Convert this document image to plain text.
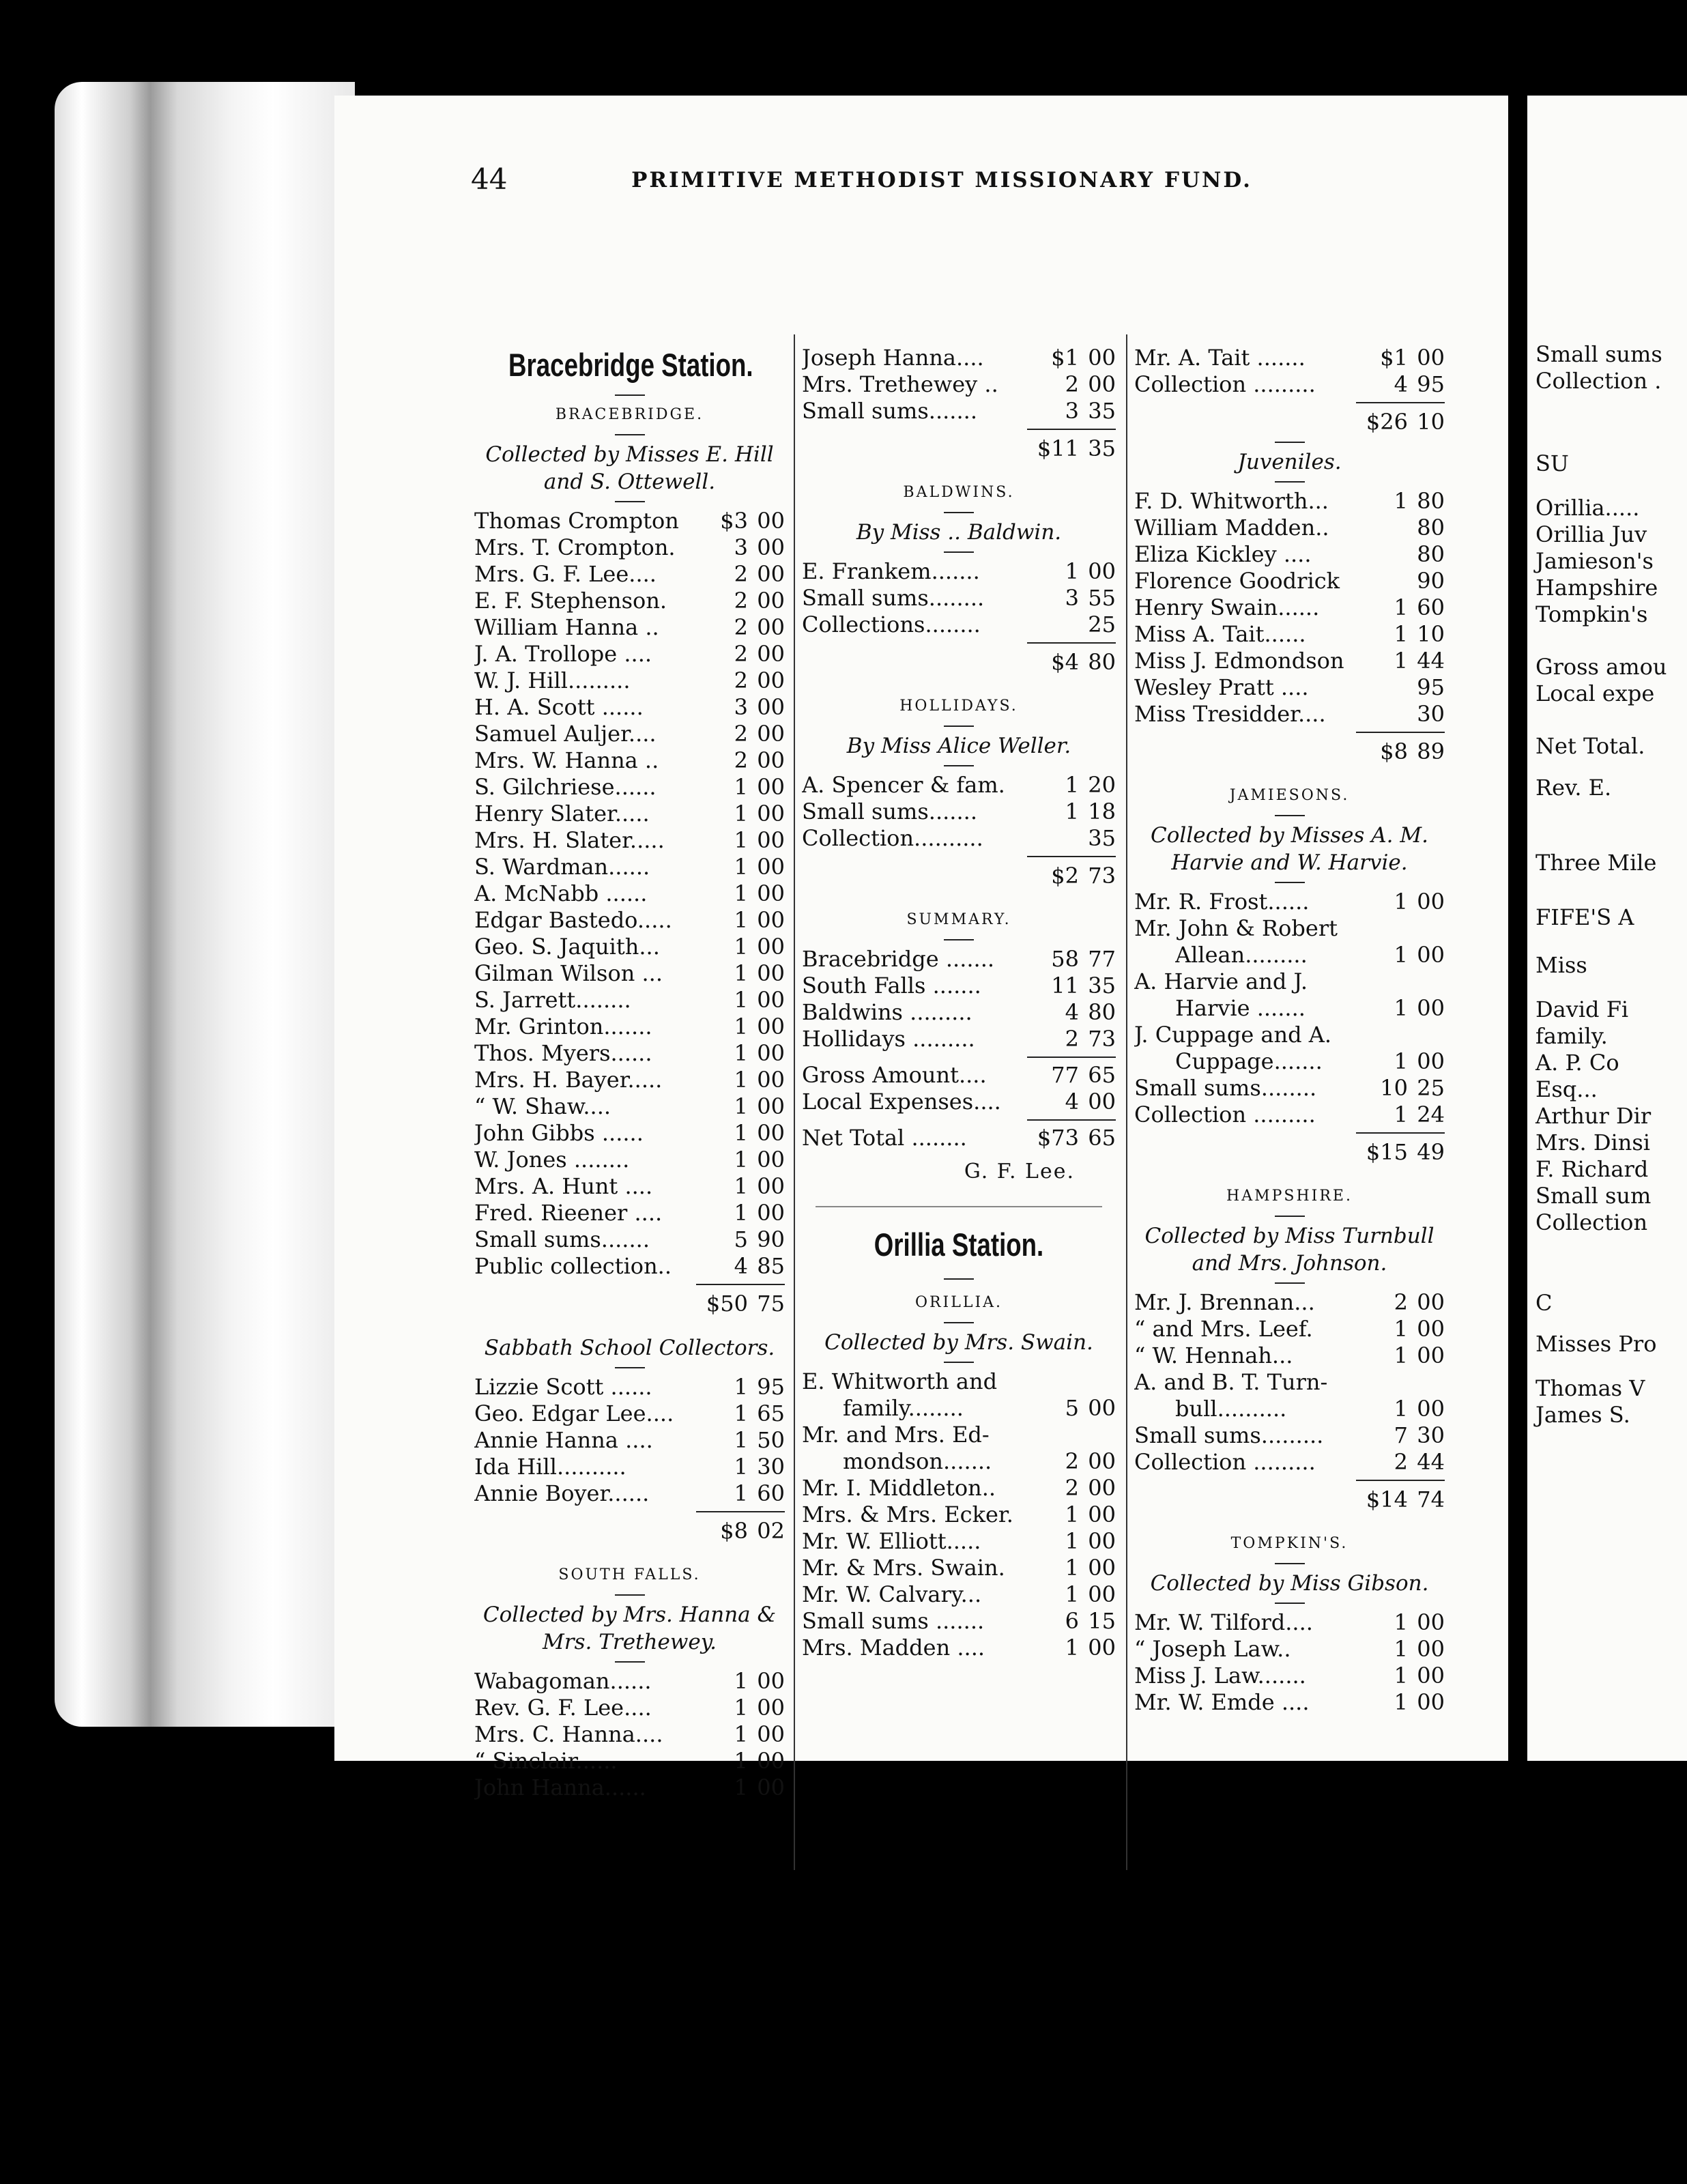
44	PRIMITIVE METHODIST MISSIONARY FUND.
Bracebridge Station.
BRACEBRIDGE.
Collected by Misses E. Hill and S. Ottewell.
Thomas Crompton	$3 00
Mrs. T. Crompton.	3 00
Mrs. G. F. Lee....	2 00
E. F. Stephenson.	2 00
William Hanna ..	2 00
J. A. Trollope ....	2 00
W. J. Hill.........	2 00
H. A. Scott ......	3 00
Samuel Auljer....	2 00
Mrs. W. Hanna ..	2 00
S. Gilchriese......	1 00
Henry Slater.....	1 00
Mrs. H. Slater.....	1 00
S. Wardman......	1 00
A. McNabb ......	1 00
Edgar Bastedo.....	1 00
Geo. S. Jaquith...	1 00
Gilman Wilson ...	1 00
S. Jarrett........	1 00
Mr. Grinton.......	1 00
Thos. Myers......	1 00
Mrs. H. Bayer.....	1 00
“ W. Shaw....	1 00
John Gibbs ......	1 00
W. Jones ........	1 00
Mrs. A. Hunt ....	1 00
Fred. Rieener ....	1 00
Small sums.......	5 90
Public collection..	4 85
$50 75
Sabbath School Collectors.
Lizzie Scott ......	1 95
Geo. Edgar Lee....	1 65
Annie Hanna ....	1 50
Ida Hill..........	1 30
Annie Boyer......	1 60
$8 02
SOUTH FALLS.
Collected by Mrs. Hanna & Mrs. Trethewey.
Wabagoman......	1 00
Rev. G. F. Lee....	1 00
Mrs. C. Hanna....	1 00
“ Sinclair......	1 00
John Hanna......	1 00
Joseph Hanna....	$1 00
Mrs. Trethewey ..	2 00
Small sums.......	3 35
$11 35
BALDWINS.
By Miss .. Baldwin.
E. Frankem.......	1 00
Small sums........	3 55
Collections........	25
$4 80
HOLLIDAYS.
By Miss Alice Weller.
A. Spencer & fam.	1 20
Small sums.......	1 18
Collection..........	35
$2 73
SUMMARY.
Bracebridge .......	58 77
South Falls .......	11 35
Baldwins .........	4 80
Hollidays .........	2 73
Gross Amount....	77 65
Local Expenses....	4 00
Net Total ........	$73 65
G. F. Lee.
Orillia Station.
ORILLIA.
Collected by Mrs. Swain.
E. Whitworth and
family........	5 00
Mr. and Mrs. Ed-
mondson.......	2 00
Mr. I. Middleton..	2 00
Mrs. & Mrs. Ecker.	1 00
Mr. W. Elliott.....	1 00
Mr. & Mrs. Swain.	1 00
Mr. W. Calvary...	1 00
Small sums .......	6 15
Mrs. Madden ....	1 00
Mr. A. Tait .......	$1 00
Collection .........	4 95
$26 10
Juveniles.
F. D. Whitworth...	1 80
William Madden..	80
Eliza Kickley ....	80
Florence Goodrick	90
Henry Swain......	1 60
Miss A. Tait......	1 10
Miss J. Edmondson	1 44
Wesley Pratt ....	95
Miss Tresidder....	30
$8 89
JAMIESONS.
Collected by Misses A. M. Harvie and W. Harvie.
Mr. R. Frost......	1 00
Mr. John & Robert
Allean.........	1 00
A. Harvie and J.
Harvie .......	1 00
J. Cuppage and A.
Cuppage.......	1 00
Small sums........	10 25
Collection .........	1 24
$15 49
HAMPSHIRE.
Collected by Miss Turnbull and Mrs. Johnson.
Mr. J. Brennan...	2 00
“ and Mrs. Leef.	1 00
“ W. Hennah...	1 00
A. and B. T. Turn-
bull..........	1 00
Small sums.........	7 30
Collection .........	2 44
$14 74
TOMPKIN'S.
Collected by Miss Gibson.
Mr. W. Tilford....	1 00
“ Joseph Law..	1 00
Miss J. Law.......	1 00
Mr. W. Emde ....	1 00
Small sums
Collection .
SU
Orillia.....
Orillia Juv
Jamieson's
Hampshire
Tompkin's
Gross amou
Local expe
Net Total.
Rev. E.
Three Mile
FIFE'S A
Miss
David Fi
family.
A. P. Co
Esq...
Arthur Dir
Mrs. Dinsi
F. Richard
Small sum
Collection
C
Misses Pro
Thomas V
James S.
